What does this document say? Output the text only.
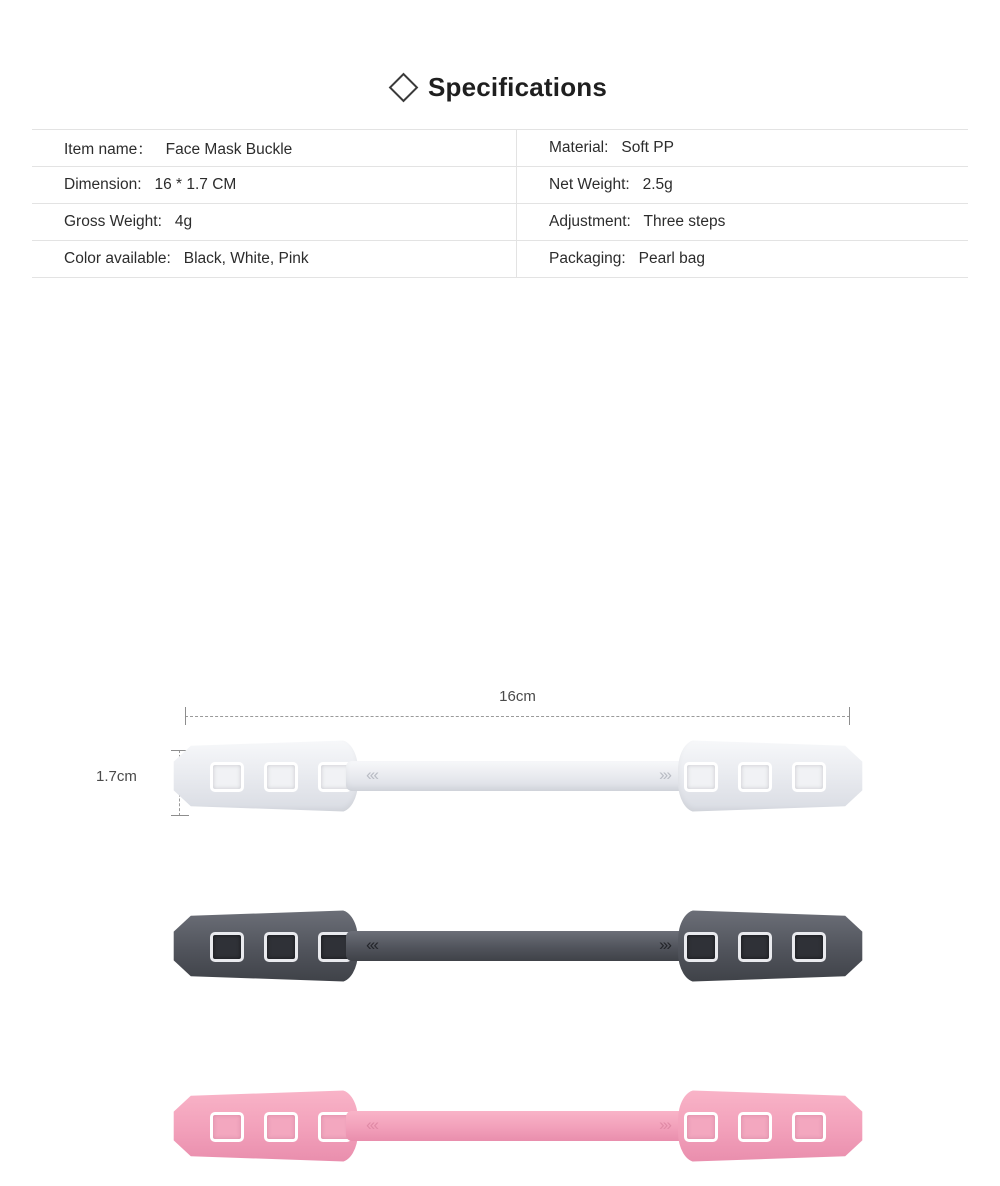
Specifications
Item name： Face Mask Buckle	Material: Soft PP
Dimension: 16 * 1.7 CM	Net Weight: 2.5g
Gross Weight: 4g	Adjustment: Three steps
Color available: Black, White, Pink	Packaging: Pearl bag
16cm
1.7cm	‹‹‹	›››
‹‹‹	›››
‹‹‹	›››
